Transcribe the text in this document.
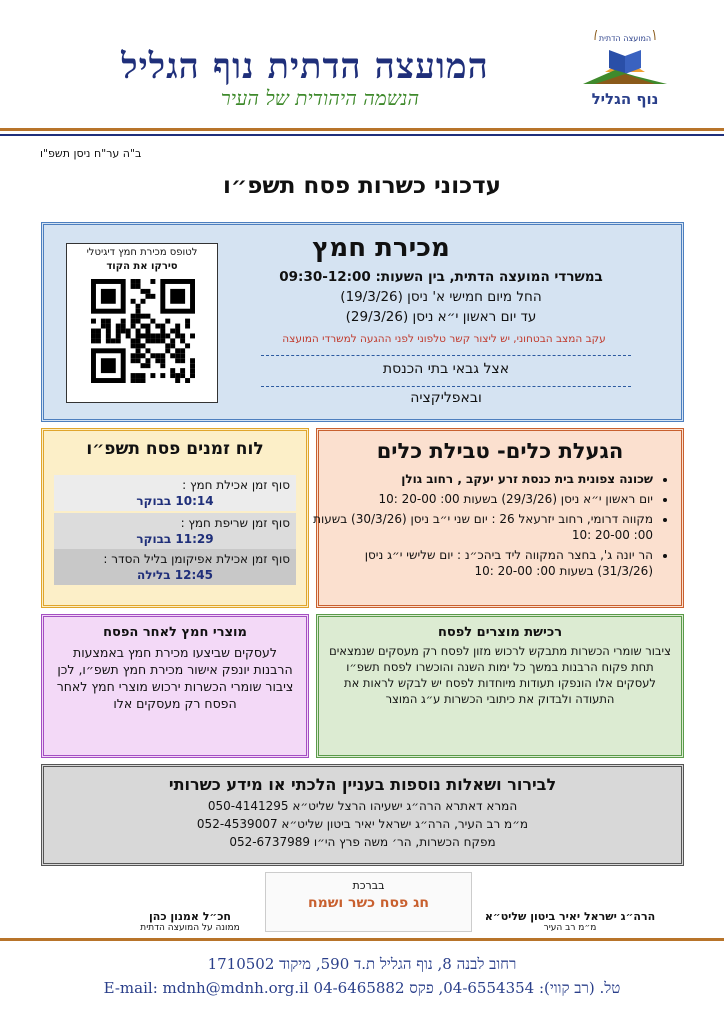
המועצה הדתית נוף הגליל
הנשמה היהודית של העיר
המועצה הדתית
נוף הגליל
ב"ה ער"ח ניסן תשפ"ו
עדכוני כשרות פסח תשפ״ו
לטופס מכירת חמץ דיגיטלי
סירקו את הקוד
מכירת חמץ
במשרדי המועצה הדתית, בין השעות: 09:30-12:00
החל מיום חמישי א' ניסן (19/3/26)
עד יום ראשון י״א ניסן (29/3/26)
עקב המצב הבטחוני, יש ליצור קשר טלפוני לפני ההגעה למשרדי המועצה
אצל גבאי בתי הכנסת
ובאפליקציה
הגעלת כלים- טבילת כלים
• שכונה צפונית בית כנסת זרע יעקב , רחוב גולן
• יום ראשון י״א ניסן (29/3/26) בשעות 00: 20-00 :10
• מקווה דרומי, רחוב יזרעאל 26 : יום שני י״ב ניסן (30/3/26) בשעות 00: 20-00 :10
• הר יונה ג', בחצר המקווה ליד ביהכ״נ : יום שלישי י״ג ניסן (31/3/26) בשעות 00: 20-00 :10
לוח זמנים פסח תשפ״ו
סוף זמן אכילת חמץ :
10:14 בבוקר
סוף זמן שריפת חמץ :
11:29 בבוקר
סוף זמן אכילת אפיקומן בליל הסדר :
12:45 בלילה
מוצרי חמץ לאחר הפסח
לעסקים שביצעו מכירת חמץ באמצעות הרבנות יונפק אישור מכירת חמץ תשפ״ו, לכן ציבור שומרי הכשרות ירכוש מוצרי חמץ לאחר הפסח רק מעסקים אלו
רכישת מוצרים לפסח
ציבור שומרי הכשרות מתבקש לרכוש מזון לפסח רק מעסקים שנמצאים תחת פקוח הרבנות במשך כל ימות השנה והוכשרו לפסח תשפ״ו לעסקים אלו הונפקו תעודות מיוחדות לפסח יש לבקש לראות את התעודה ולבדוק את כיתובי הכשרות ע״ג המוצר
לבירור ושאלות נוספות בעניין הלכתי או מידע כשרותי
המרא דאתרא הרה״ג ישעיהו הרצל שליט״א 050-4141295
מ״מ רב העיר, הרה״ג ישראל יאיר ביטון שליט״א 052-4539007
מפקח הכשרות, הר׳ משה פרץ הי״ו 052-6737989
בברכת
חג פסח כשר ושמח
הרה״ג ישראל יאיר ביטון שליט״א
מ״מ רב העיר
חכ״ל אמנון כהן
ממונה על המועצה הדתית
רחוב לבנה 8, נוף הגליל ת.ד 590, מיקוד 1710502
טל. (רב קווי): 04-6554354, פקס 04-6465882 E-mail: mdnh@mdnh.org.il
